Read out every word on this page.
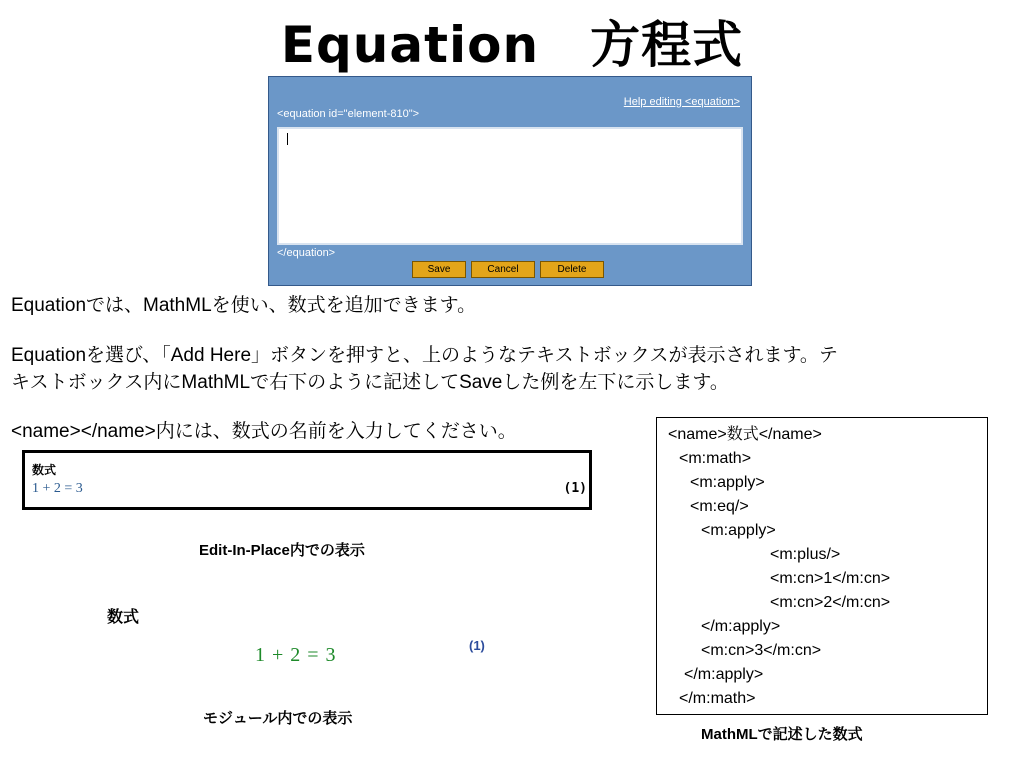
Equation　方程式
Help editing <equation>
<equation id="element-810">
</equation>
Save	Cancel	Delete
Equationでは、MathMLを使い、数式を追加できます。
Equationを選び、「Add Here」ボタンを押すと、上のようなテキストボックスが表示されます。テ
キストボックス内にMathMLで右下のように記述してSaveした例を左下に示します。
<name></name>内には、数式の名前を入力してください。
数式
1 + 2 = 3	(1)
Edit-In-Place内での表示
数式
1 + 2 = 3	(1)
モジュール内での表示
<name>数式</name>
<m:math>
<m:apply>
<m:eq/>
<m:apply>
<m:plus/>
<m:cn>1</m:cn>
<m:cn>2</m:cn>
</m:apply>
<m:cn>3</m:cn>
</m:apply>
</m:math>
MathMLで記述した数式
